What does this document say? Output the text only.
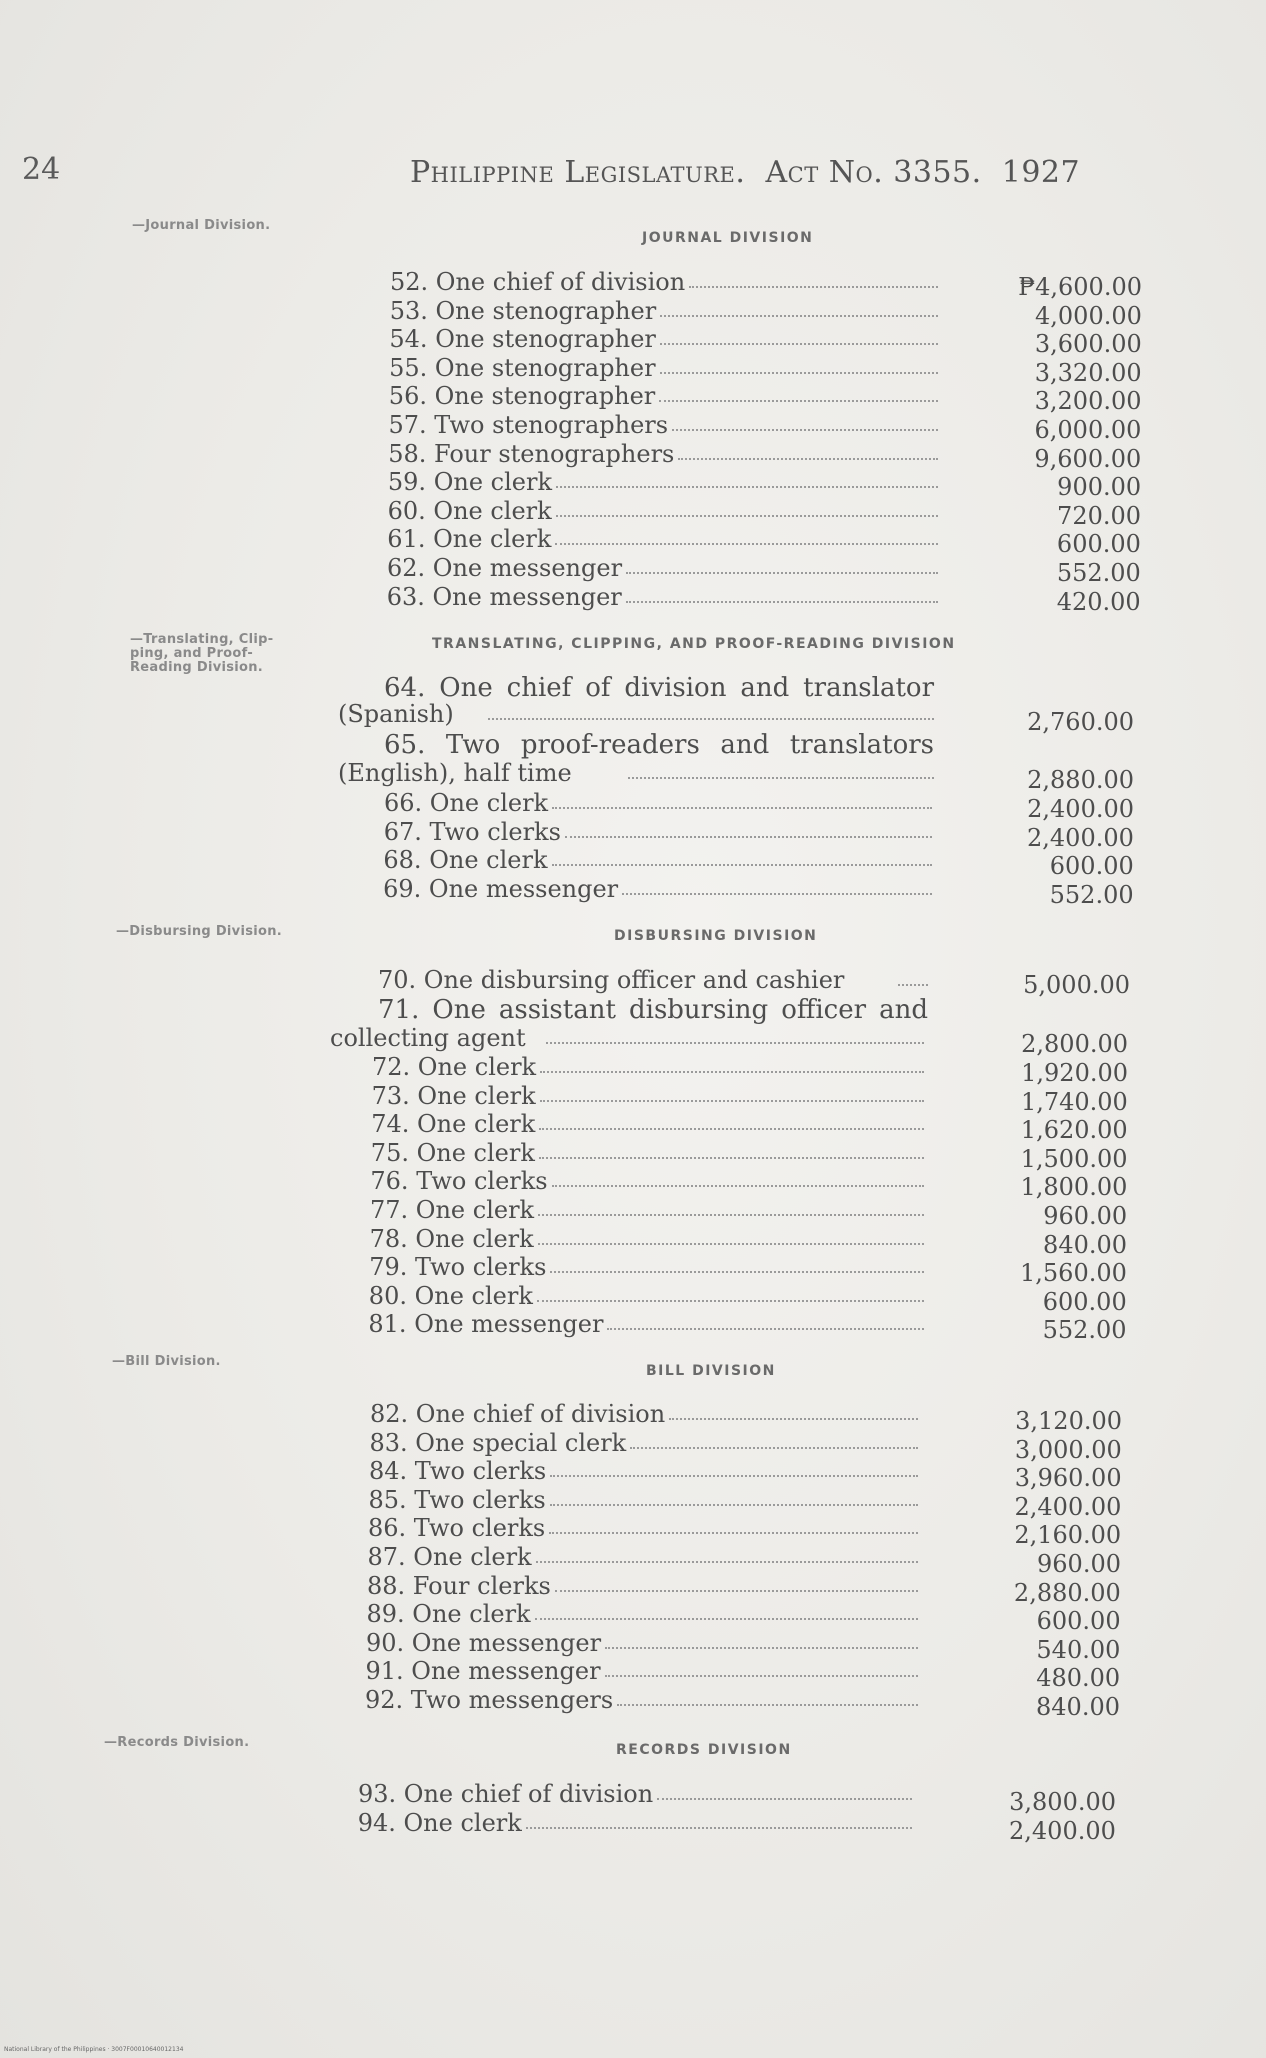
24	Philippine Legislature. Act No. 3355. 1927
—Journal Division.
JOURNAL DIVISION
52. One chief of division	₱4,600.00
53. One stenographer	4,000.00
54. One stenographer	3,600.00
55. One stenographer	3,320.00
56. One stenographer	3,200.00
57. Two stenographers	6,000.00
58. Four stenographers	9,600.00
59. One clerk	900.00
60. One clerk	720.00
61. One clerk	600.00
62. One messenger	552.00
63. One messenger	420.00
—Translating, Clip-
ping, and Proof-
Reading Division.
TRANSLATING, CLIPPING, AND PROOF-READING DIVISION
64. One chief of division and translator
(Spanish)	2,760.00
65. Two proof-readers and translators
(English), half time	2,880.00
66. One clerk	2,400.00
67. Two clerks	2,400.00
68. One clerk	600.00
69. One messenger	552.00
—Disbursing Division.	DISBURSING DIVISION
70. One disbursing officer and cashier	5,000.00
71. One assistant disbursing officer and
collecting agent	2,800.00
72. One clerk	1,920.00
73. One clerk	1,740.00
74. One clerk	1,620.00
75. One clerk	1,500.00
76. Two clerks	1,800.00
77. One clerk	960.00
78. One clerk	840.00
79. Two clerks	1,560.00
80. One clerk	600.00
81. One messenger	552.00
—Bill Division.
BILL DIVISION
82. One chief of division	3,120.00
83. One special clerk	3,000.00
84. Two clerks	3,960.00
85. Two clerks	2,400.00
86. Two clerks	2,160.00
87. One clerk	960.00
88. Four clerks	2,880.00
89. One clerk	600.00
90. One messenger	540.00
91. One messenger	480.00
92. Two messengers	840.00
—Records Division.	RECORDS DIVISION
93. One chief of division	3,800.00
94. One clerk	2,400.00
National Library of the Philippines · 3007F00010640012134
